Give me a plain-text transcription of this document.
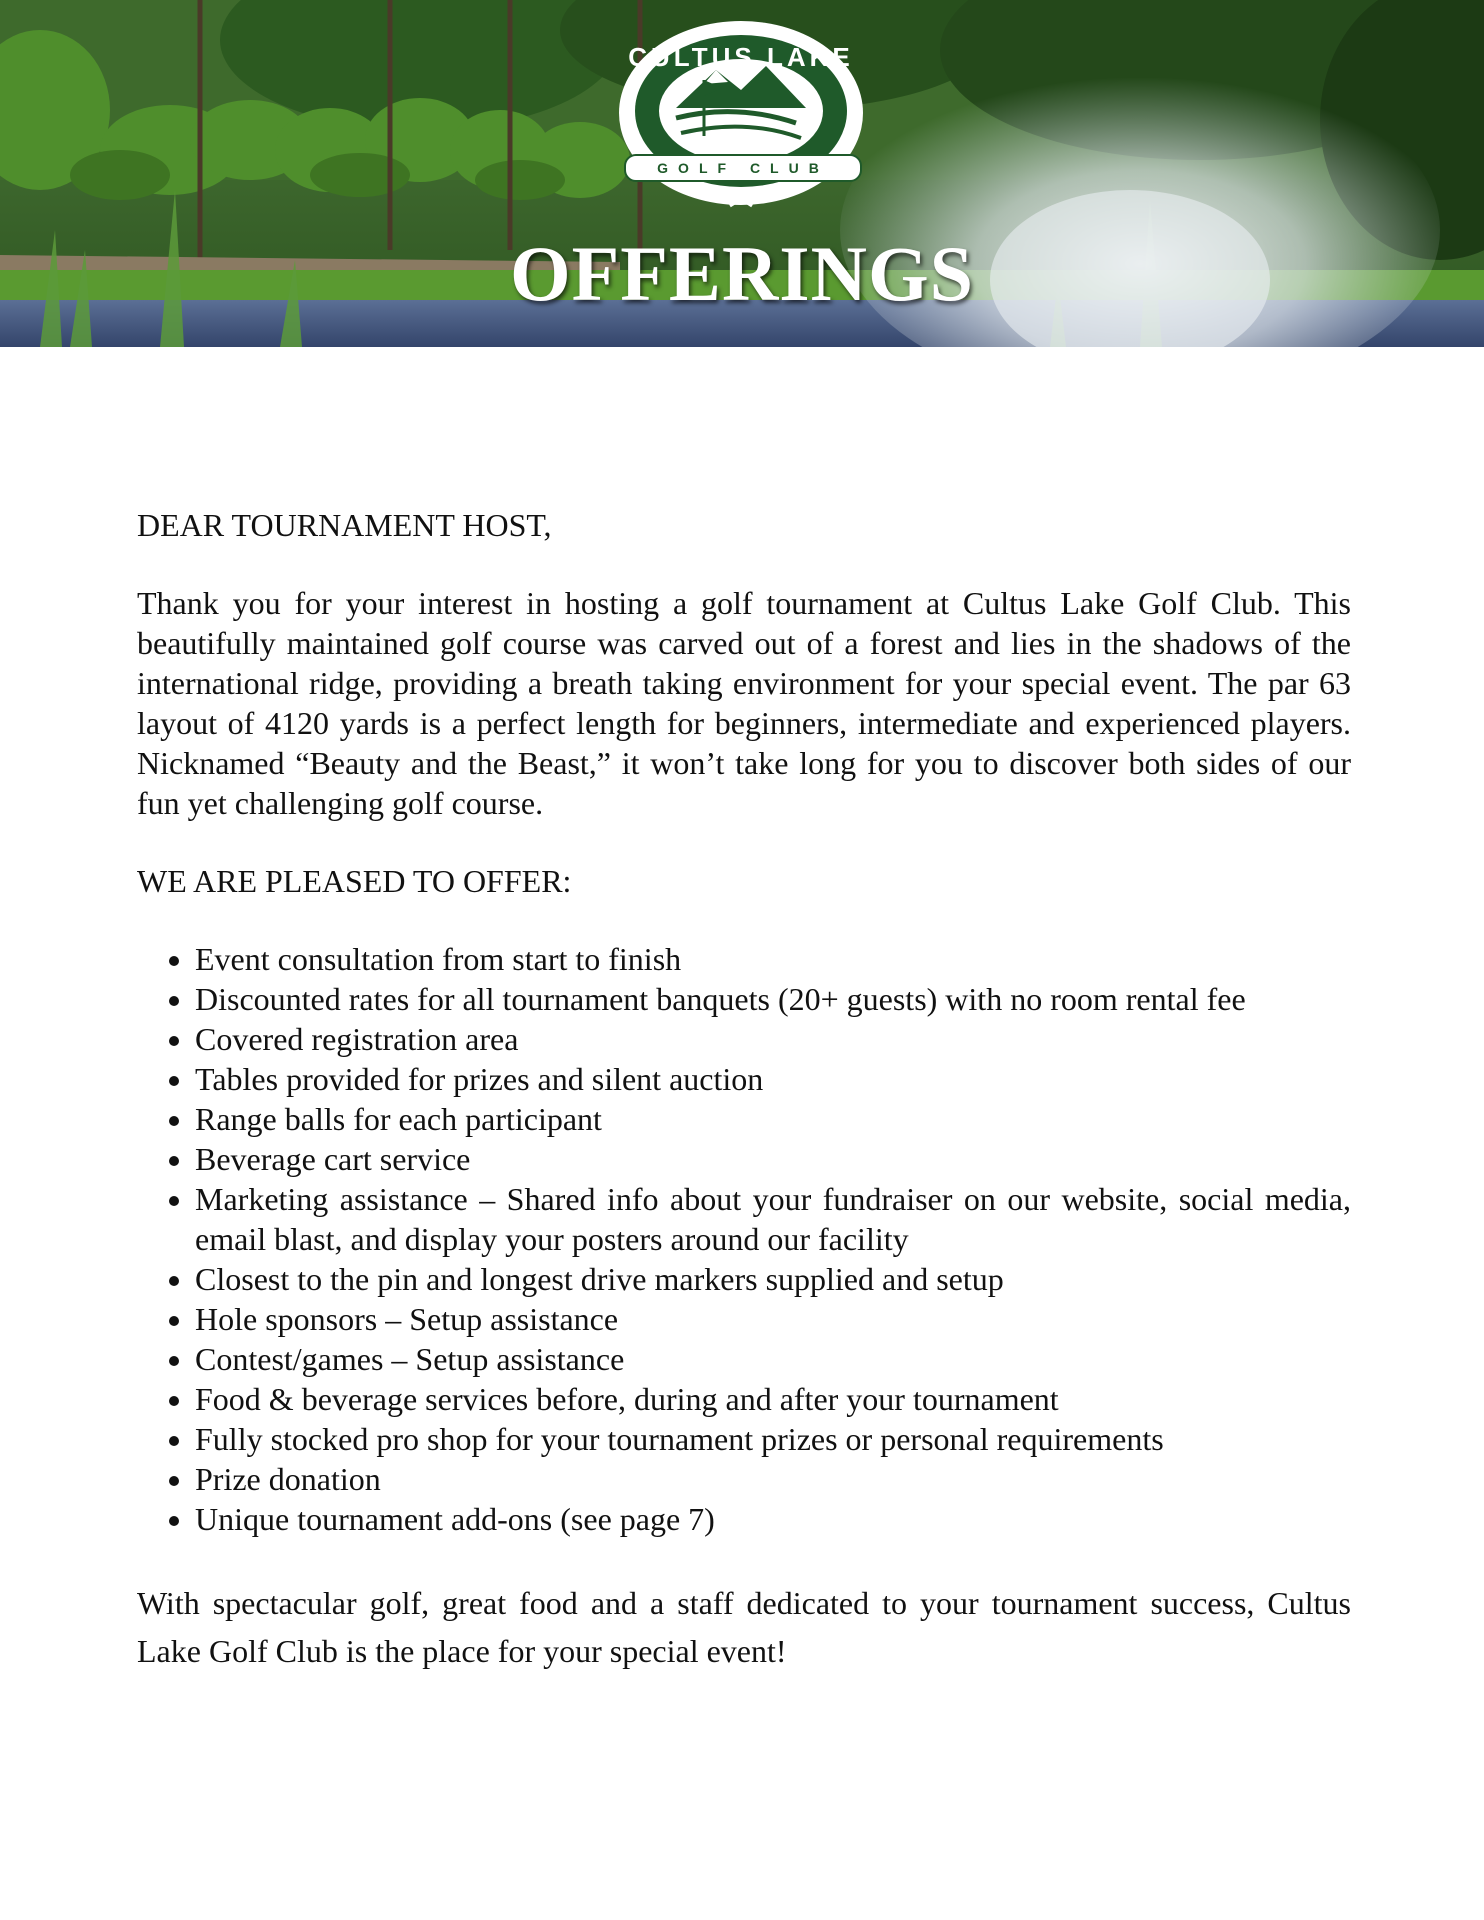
CULTUS LAKE
GOLF CLUB
OFFERINGS

DEAR TOURNAMENT HOST,

Thank you for your interest in hosting a golf tournament at Cultus Lake Golf Club. This beautifully maintained golf course was carved out of a forest and lies in the shadows of the international ridge, providing a breath taking environment for your special event. The par 63 layout of 4120 yards is a perfect length for beginners, intermediate and experienced players. Nicknamed “Beauty and the Beast,” it won’t take long for you to discover both sides of our fun yet challenging golf course.

WE ARE PLEASED TO OFFER:

• Event consultation from start to finish
• Discounted rates for all tournament banquets (20+ guests) with no room rental fee
• Covered registration area
• Tables provided for prizes and silent auction
• Range balls for each participant
• Beverage cart service
• Marketing assistance – Shared info about your fundraiser on our website, social media, email blast, and display your posters around our facility
• Closest to the pin and longest drive markers supplied and setup
• Hole sponsors – Setup assistance
• Contest/games – Setup assistance
• Food & beverage services before, during and after your tournament
• Fully stocked pro shop for your tournament prizes or personal requirements
• Prize donation
• Unique tournament add-ons (see page 7)

With spectacular golf, great food and a staff dedicated to your tournament success, Cultus Lake Golf Club is the place for your special event!
